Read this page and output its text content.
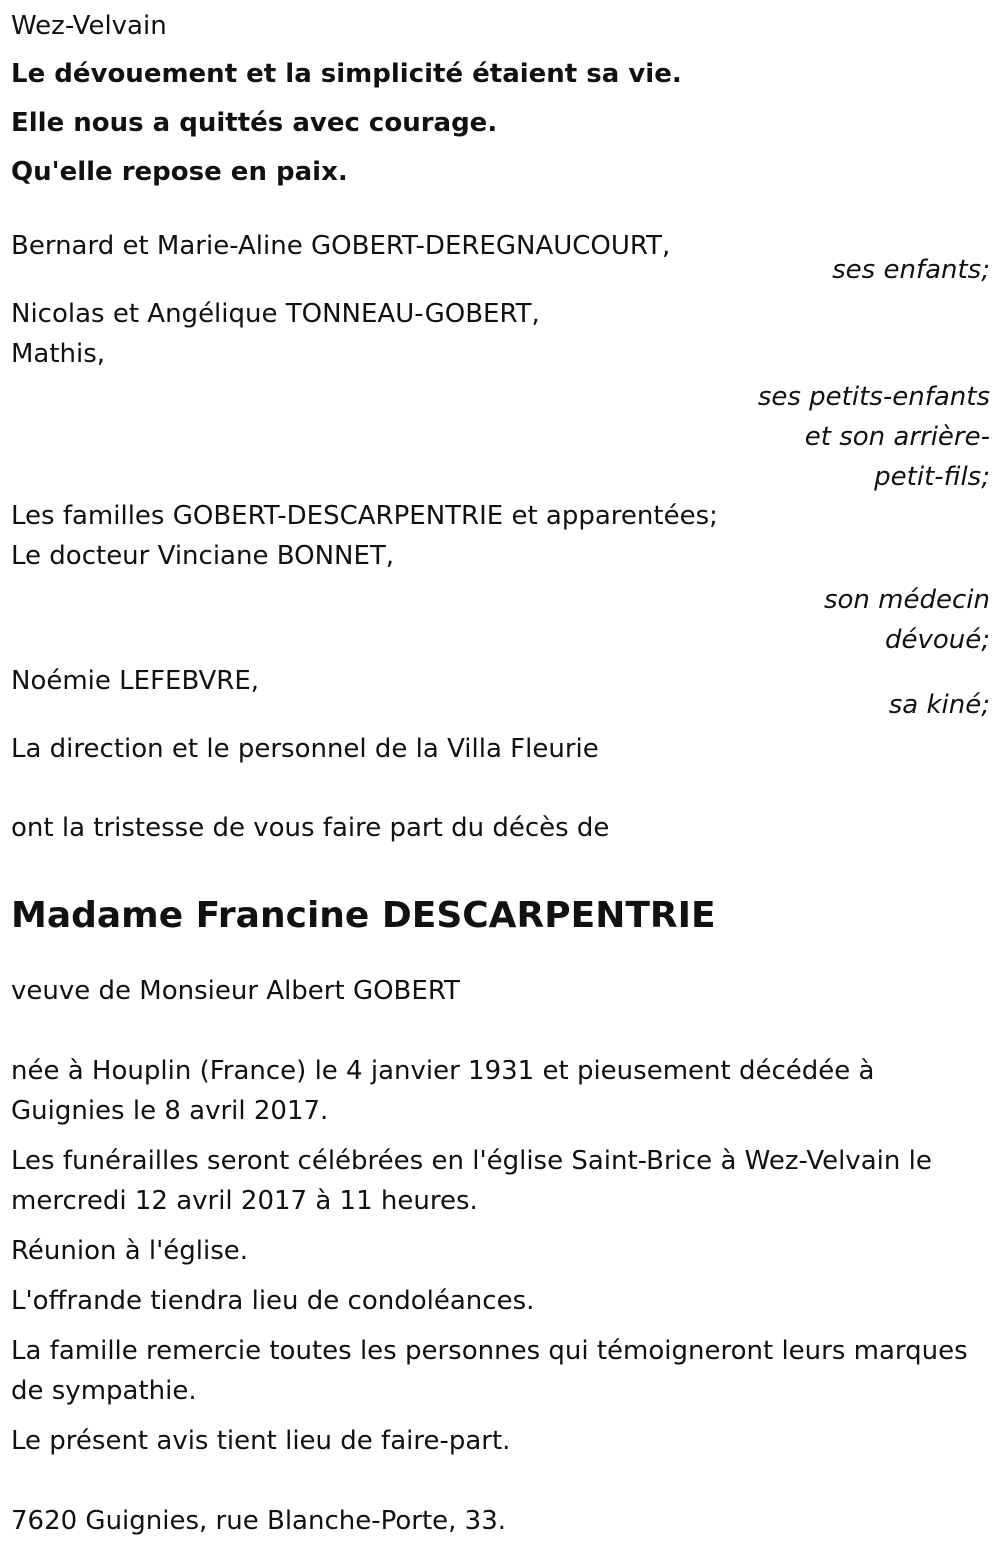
Wez-Velvain

Le dévouement et la simplicité étaient sa vie.

Elle nous a quittés avec courage.

Qu'elle repose en paix.

Bernard et Marie-Aline GOBERT-DEREGNAUCOURT,

ses enfants;

Nicolas et Angélique TONNEAU-GOBERT,

Mathis,

ses petits-enfants

et son arrière-

petit-fils;

Les familles GOBERT-DESCARPENTRIE et apparentées;

Le docteur Vinciane BONNET,

son médecin

dévoué;

Noémie LEFEBVRE,

sa kiné;

La direction et le personnel de la Villa Fleurie

ont la tristesse de vous faire part du décès de

Madame Francine DESCARPENTRIE

veuve de Monsieur Albert GOBERT

née à Houplin (France) le 4 janvier 1931 et pieusement décédée à Guignies le 8 avril 2017.

Les funérailles seront célébrées en l'église Saint-Brice à Wez-Velvain le mercredi 12 avril 2017 à 11 heures.

Réunion à l'église.

L'offrande tiendra lieu de condoléances.

La famille remercie toutes les personnes qui témoigneront leurs marques de sympathie.

Le présent avis tient lieu de faire-part.

7620 Guignies, rue Blanche-Porte, 33.
